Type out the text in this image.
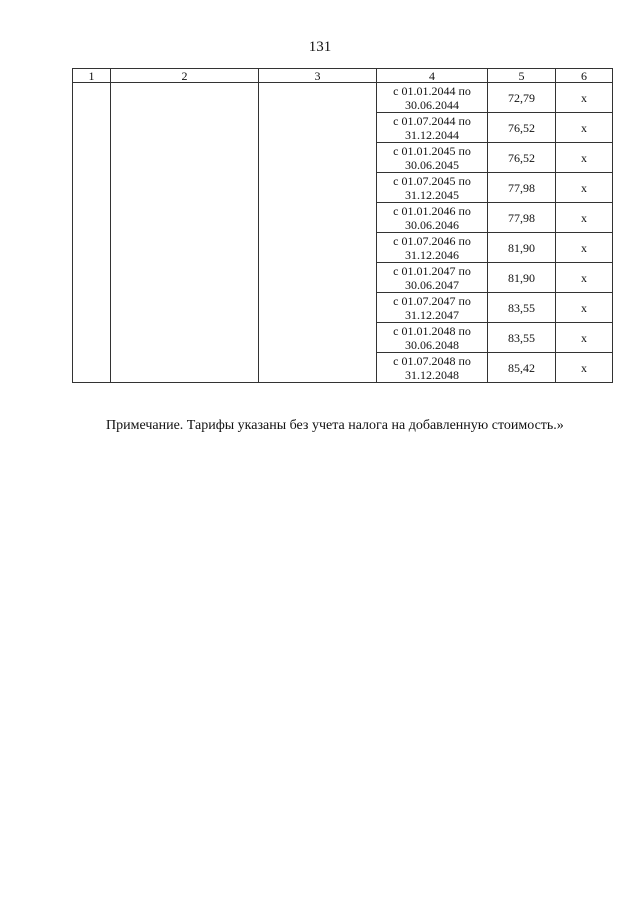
131
1	2	3	4	5	6

			с 01.01.2044 по
30.06.2044	72,79	х

			с 01.07.2044 по
31.12.2044	76,52	х

			с 01.01.2045 по
30.06.2045	76,52	х

			с 01.07.2045 по
31.12.2045	77,98	х

			с 01.01.2046 по
30.06.2046	77,98	х

			с 01.07.2046 по
31.12.2046	81,90	х

			с 01.01.2047 по
30.06.2047	81,90	х

			с 01.07.2047 по
31.12.2047	83,55	х

			с 01.01.2048 по
30.06.2048	83,55	х

			с 01.07.2048 по
31.12.2048	85,42	х
Примечание. Тарифы указаны без учета налога на добавленную стоимость.»
